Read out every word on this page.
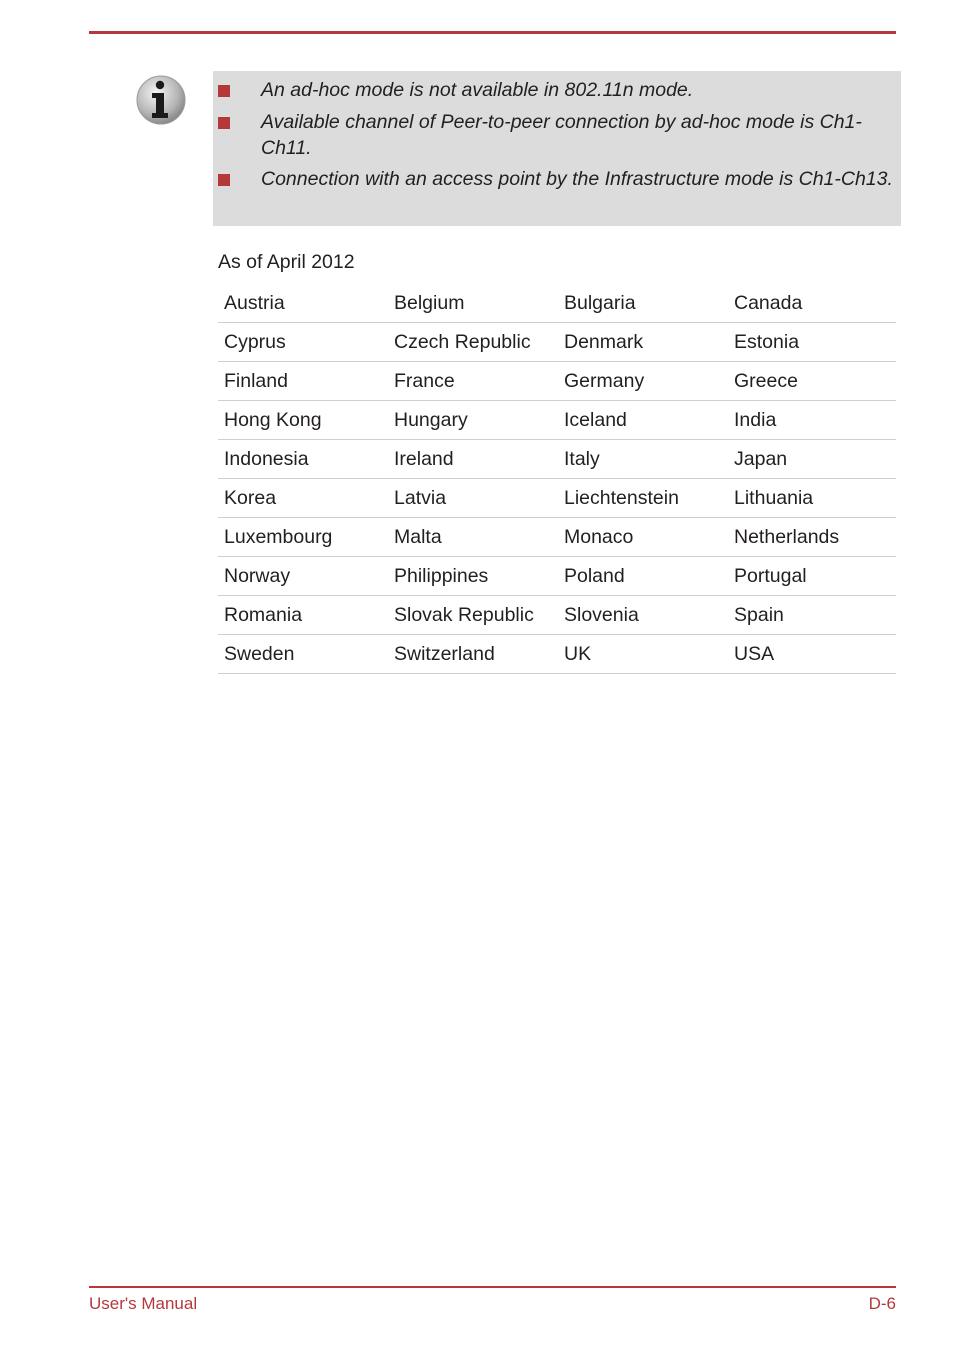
An ad-hoc mode is not available in 802.11n mode.
Available channel of Peer-to-peer connection by ad-hoc mode is Ch1-Ch11.
Connection with an access point by the Infrastructure mode is Ch1-Ch13.
As of April 2012
Austria	Belgium	Bulgaria	Canada
Cyprus	Czech Republic	Denmark	Estonia
Finland	France	Germany	Greece
Hong Kong	Hungary	Iceland	India
Indonesia	Ireland	Italy	Japan
Korea	Latvia	Liechtenstein	Lithuania
Luxembourg	Malta	Monaco	Netherlands
Norway	Philippines	Poland	Portugal
Romania	Slovak Republic	Slovenia	Spain
Sweden	Switzerland	UK	USA
User's Manual	D-6
